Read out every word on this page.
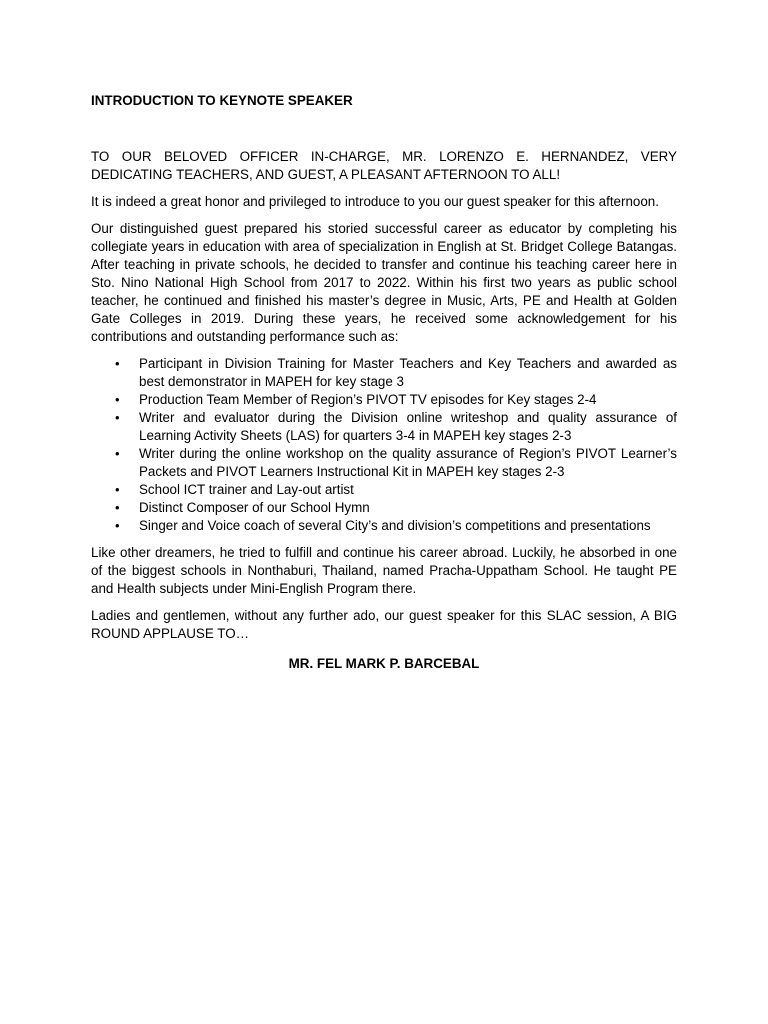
INTRODUCTION TO KEYNOTE SPEAKER

TO OUR BELOVED OFFICER IN-CHARGE, MR. LORENZO E. HERNANDEZ, VERY DEDICATING TEACHERS, AND GUEST, A PLEASANT AFTERNOON TO ALL!

It is indeed a great honor and privileged to introduce to you our guest speaker for this afternoon.

Our distinguished guest prepared his storied successful career as educator by completing his collegiate years in education with area of specialization in English at St. Bridget College Batangas. After teaching in private schools, he decided to transfer and continue his teaching career here in Sto. Nino National High School from 2017 to 2022. Within his first two years as public school teacher, he continued and finished his master’s degree in Music, Arts, PE and Health at Golden Gate Colleges in 2019. During these years, he received some acknowledgement for his contributions and outstanding performance such as:

• Participant in Division Training for Master Teachers and Key Teachers and awarded as best demonstrator in MAPEH for key stage 3
• Production Team Member of Region’s PIVOT TV episodes for Key stages 2-4
• Writer and evaluator during the Division online writeshop and quality assurance of Learning Activity Sheets (LAS) for quarters 3-4 in MAPEH key stages 2-3
• Writer during the online workshop on the quality assurance of Region’s PIVOT Learner’s Packets and PIVOT Learners Instructional Kit in MAPEH key stages 2-3
• School ICT trainer and Lay-out artist
• Distinct Composer of our School Hymn
• Singer and Voice coach of several City’s and division’s competitions and presentations

Like other dreamers, he tried to fulfill and continue his career abroad. Luckily, he absorbed in one of the biggest schools in Nonthaburi, Thailand, named Pracha-Uppatham School. He taught PE and Health subjects under Mini-English Program there.

Ladies and gentlemen, without any further ado, our guest speaker for this SLAC session, A BIG ROUND APPLAUSE TO…

MR. FEL MARK P. BARCEBAL
